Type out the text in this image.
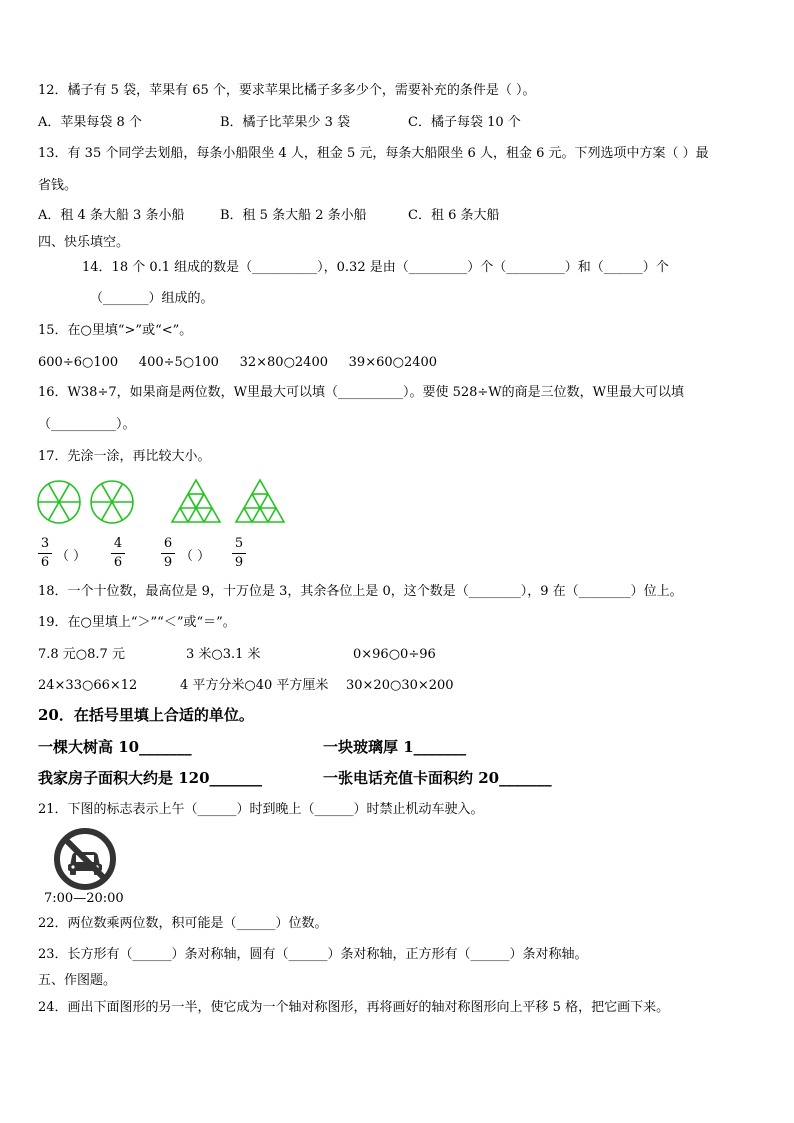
12．橘子有 5 袋，苹果有 65 个，要求苹果比橘子多多少个，需要补充的条件是（ ）。
A．苹果每袋 8 个	B．橘子比苹果少 3 袋	C．橘子每袋 10 个
13．有 35 个同学去划船，每条小船限坐 4 人，租金 5 元，每条大船限坐 6 人，租金 6 元。下列选项中方案（ ）最
省钱。
A．租 4 条大船 3 条小船	B．租 5 条大船 2 条小船	C．租 6 条大船
四、快乐填空。
14．18 个 0.1 组成的数是（__________），0.32 是由（_________）个（_________）和（______）个
（_______）组成的。
15．在○里填“>”或“<”。
600÷6○100     400÷5○100     32×80○2400     39×60○2400
16．W38÷7，如果商是两位数，W里最大可以填（__________）。要使 528÷W的商是三位数，W里最大可以填
（__________）。
17．先涂一涂，再比较大小。
3
6 （ ）
4
6
6
9 （ ）
5
9
18．一个十位数，最高位是 9，十万位是 3，其余各位上是 0，这个数是（________），9 在（________）位上。
19．在○里填上“＞”“＜”或“＝”。
7.8 元○8.7 元	3 米○3.1 米	0×96○0÷96
24×33○66×12	4 平方分米○40 平方厘米 30×20○30×200
20．在括号里填上合适的单位。
一棵大树高 10_______	一块玻璃厚 1_______
我家房子面积大约是 120_______	一张电话充值卡面积约 20_______
21．下图的标志表示上午（______）时到晚上（______）时禁止机动车驶入。
7:00—20:00
22．两位数乘两位数，积可能是（______）位数。
23．长方形有（______）条对称轴，圆有（______）条对称轴，正方形有（______）条对称轴。
五、作图题。
24．画出下面图形的另一半，使它成为一个轴对称图形，再将画好的轴对称图形向上平移 5 格，把它画下来。
